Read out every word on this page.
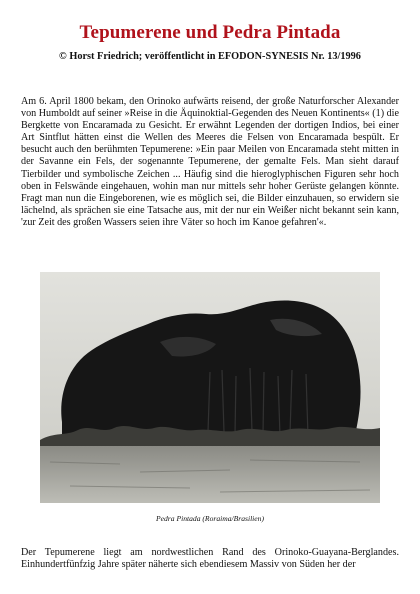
Tepumerene und Pedra Pintada
© Horst Friedrich; veröffentlicht in EFODON-SYNESIS Nr. 13/1996

Am 6. April 1800 bekam, den Orinoko aufwärts reisend, der große Naturforscher Alexander von Humboldt auf seiner »Reise in die Äquinoktial-Gegenden des Neuen Kontinents« (1) die Bergkette von Encaramada zu Gesicht. Er erwähnt Legenden der dortigen Indios, bei einer Art Sintflut hätten einst die Wellen des Meeres die Felsen von Encaramada bespült. Er besucht auch den berühmten Tepumerene: »Ein paar Meilen von Encaramada steht mitten in der Savanne ein Fels, der sogenannte Tepumerene, der gemalte Fels. Man sieht darauf Tierbilder und symbolische Zeichen ... Häufig sind die hieroglyphischen Figuren sehr hoch oben in Felswände eingehauen, wohin man nur mittels sehr hoher Gerüste gelangen könnte. Fragt man nun die Eingeborenen, wie es möglich sei, die Bilder einzuhauen, so erwidern sie lächelnd, als sprächen sie eine Tatsache aus, mit der nur ein Weißer nicht bekannt sein kann, 'zur Zeit des großen Wassers seien ihre Väter so hoch im Kanoe gefahren'«.

Pedra Pintada (Roraima/Brasilien)

Der Tepumerene liegt am nordwestlichen Rand des Orinoko-Guayana-Berglandes. Einhundertfünfzig Jahre später näherte sich ebendiesem Massiv von Süden her der
